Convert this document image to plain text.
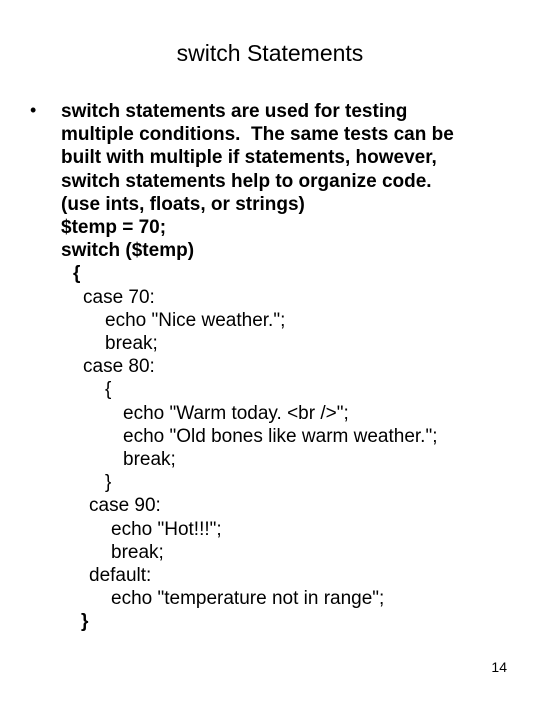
switch Statements
• switch statements are used for testing
multiple conditions.  The same tests can be
built with multiple if statements, however,
switch statements help to organize code.
(use ints, floats, or strings)
$temp = 70;
switch ($temp)
{
case 70:
echo "Nice weather.";
break;
case 80:
{
echo "Warm today. <br />";
echo "Old bones like warm weather.";
break;
}
case 90:
echo "Hot!!!";
break;
default:
echo "temperature not in range";
}
14
